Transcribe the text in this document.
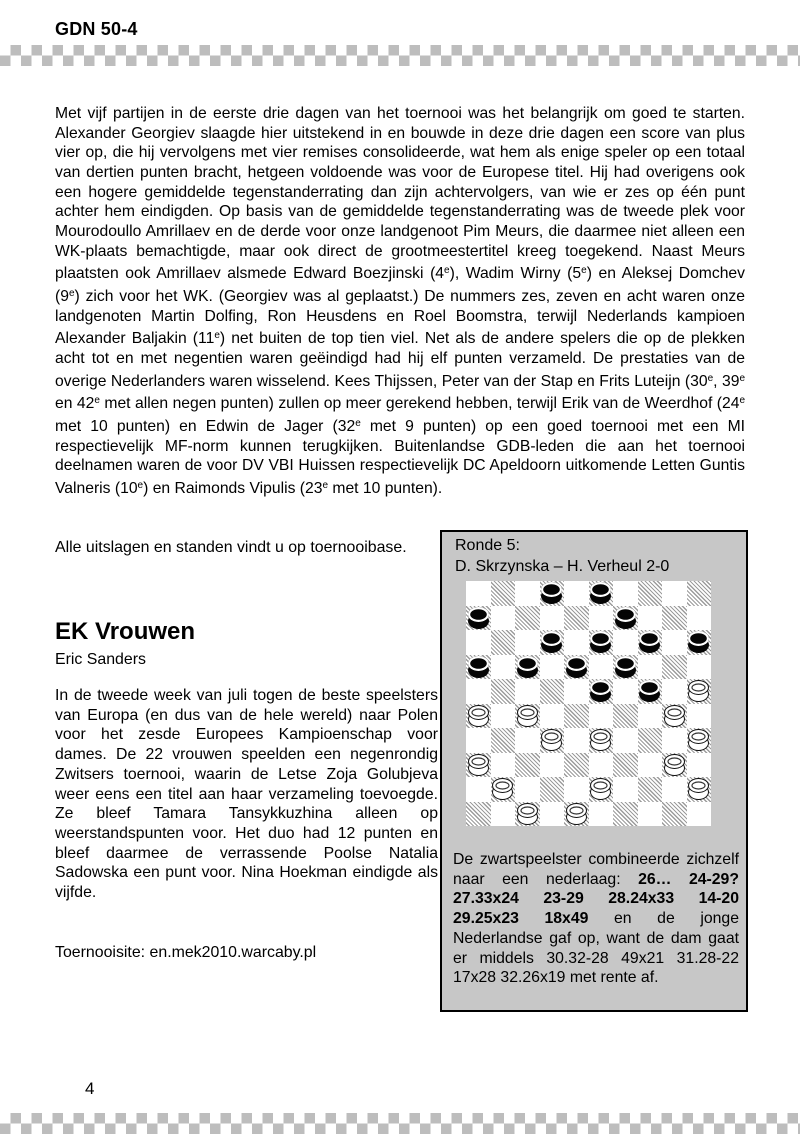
GDN 50-4

Met vijf partijen in de eerste drie dagen van het toernooi was het belangrijk om goed te starten. Alexander Georgiev slaagde hier uitstekend in en bouwde in deze drie dagen een score van plus vier op, die hij vervolgens met vier remises consolideerde, wat hem als enige speler op een totaal van dertien punten bracht, hetgeen voldoende was voor de Europese titel. Hij had overigens ook een hogere gemiddelde tegenstanderrating dan zijn achtervolgers, van wie er zes op één punt achter hem eindigden. Op basis van de gemiddelde tegenstanderrating was de tweede plek voor Mourodoullo Amrillaev en de derde voor onze landgenoot Pim Meurs, die daarmee niet alleen een WK-plaats bemachtigde, maar ook direct de grootmeestertitel kreeg toegekend. Naast Meurs plaatsten ook Amrillaev alsmede Edward Boezjinski (4e), Wadim Wirny (5e) en Aleksej Domchev (9e) zich voor het WK. (Georgiev was al geplaatst.) De nummers zes, zeven en acht waren onze landgenoten Martin Dolfing, Ron Heusdens en Roel Boomstra, terwijl Nederlands kampioen Alexander Baljakin (11e) net buiten de top tien viel. Net als de andere spelers die op de plekken acht tot en met negentien waren geëindigd had hij elf punten verzameld. De prestaties van de overige Nederlanders waren wisselend. Kees Thijssen, Peter van der Stap en Frits Luteijn (30e, 39e en 42e met allen negen punten) zullen op meer gerekend hebben, terwijl Erik van de Weerdhof (24e met 10 punten) en Edwin de Jager (32e met 9 punten) op een goed toernooi met een MI respectievelijk MF-norm kunnen terugkijken. Buitenlandse GDB-leden die aan het toernooi deelnamen waren de voor DV VBI Huissen respectievelijk DC Apeldoorn uitkomende Letten Guntis Valneris (10e) en Raimonds Vipulis (23e met 10 punten).

Alle uitslagen en standen vindt u op toernooibase.

EK Vrouwen
Eric Sanders

In de tweede week van juli togen de beste speelsters van Europa (en dus van de hele wereld) naar Polen voor het zesde Europees Kampioenschap voor dames. De 22 vrouwen speelden een negenrondig Zwitsers toernooi, waarin de Letse Zoja Golubjeva weer eens een titel aan haar verzameling toevoegde. Ze bleef Tamara Tansykkuzhina alleen op weerstandspunten voor. Het duo had 12 punten en bleef daarmee de verrassende Poolse Natalia Sadowska een punt voor. Nina Hoekman eindigde als vijfde.

Toernooisite: en.mek2010.warcaby.pl
Ronde 5:
D. Skrzynska – H. Verheul 2-0

De zwartspeelster combineerde zichzelf naar een nederlaag: 26… 24-29? 27.33x24 23-29 28.24x33 14-20 29.25x23 18x49 en de jonge Nederlandse gaf op, want de dam gaat er middels 30.32-28 49x21 31.28-22 17x28 32.26x19 met rente af.

4
